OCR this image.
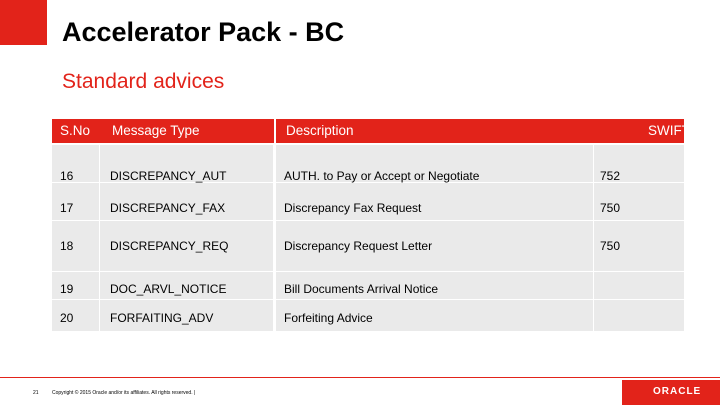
Accelerator Pack - BC
Standard advices
S.No	Message Type	Description	SWIFT
16	DISCREPANCY_AUT	AUTH. to Pay or Accept or Negotiate	752
17	DISCREPANCY_FAX	Discrepancy Fax Request	750
18	DISCREPANCY_REQ	Discrepancy Request Letter	750
19	DOC_ARVL_NOTICE	Bill Documents Arrival Notice
20	FORFAITING_ADV	Forfeiting Advice
21	Copyright © 2015 Oracle and/or its affiliates. All rights reserved. |	ORACLE
